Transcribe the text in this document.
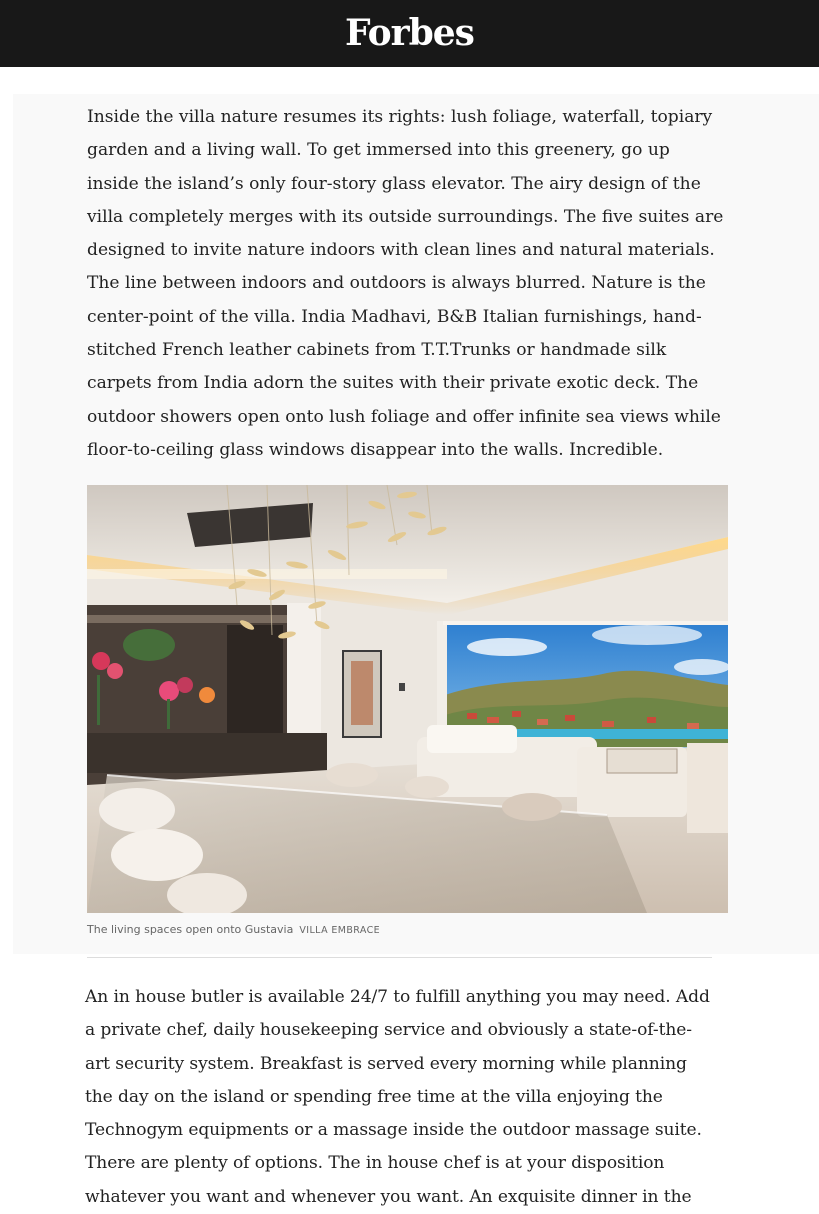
Forbes

Inside the villa nature resumes its rights: lush foliage, waterfall, topiary
garden and a living wall. To get immersed into this greenery, go up
inside the island’s only four-story glass elevator. The airy design of the
villa completely merges with its outside surroundings. The five suites are
designed to invite nature indoors with clean lines and natural materials.
The line between indoors and outdoors is always blurred. Nature is the
center-point of the villa. India Madhavi, B&B Italian furnishings, hand-
stitched French leather cabinets from T.T.Trunks or handmade silk
carpets from India adorn the suites with their private exotic deck. The
outdoor showers open onto lush foliage and offer infinite sea views while
floor-to-ceiling glass windows disappear into the walls. Incredible.

The living spaces open onto Gustavia VILLA EMBRACE

An in house butler is available 24/7 to fulfill anything you may need. Add
a private chef, daily housekeeping service and obviously a state-of-the-
art security system. Breakfast is served every morning while planning
the day on the island or spending free time at the villa enjoying the
Technogym equipments or a massage inside the outdoor massage suite.
There are plenty of options. The in house chef is at your disposition
whatever you want and whenever you want. An exquisite dinner in the
